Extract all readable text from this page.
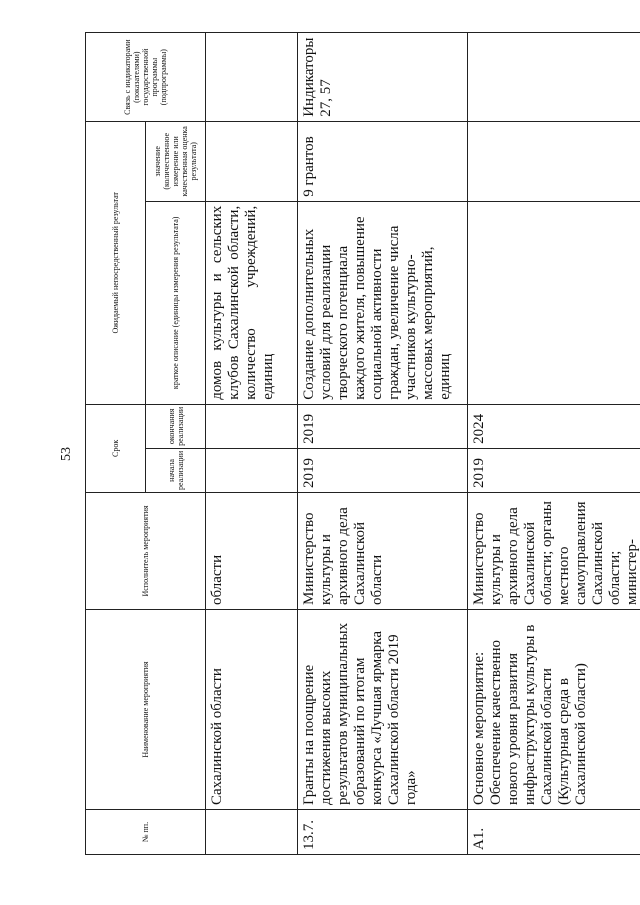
53
№ пп.	Наименование мероприятия	Исполнитель мероприятия	Срок		Ожидаемый непосредственный результат		Связь с индикаторами (показателями) государственной программы (подпрограммы)
			начала реализации	окончания реализации	краткое описание (единицы измерения результата)	значение (количественное измерение или качественная оценка результата)	
	Сахалинской области	области			домов культуры и сельских клубов Сахалинской области, количество учреждений, единиц		
13.7.	Гранты на поощрение достижения высоких результатов муниципальных образований по итогам конкурса «Лучшая ярмарка Сахалинской области 2019 года»	Министерство культуры и архивного дела Сахалинской области	2019	2019	Создание дополнительных условий для реализации творческого потенциала каждого жителя, повышение социальной активности граждан, увеличение числа участников культурно-массовых мероприятий, единиц	9 грантов	Индикаторы 27, 57
А1.	Основное мероприятие: Обеспечение качественно нового уровня развития инфраструктуры культуры в Сахалинской области (Культурная среда в Сахалинской области)	Министерство культуры и архивного дела Сахалинской области; органы местного самоуправления Сахалинской области; министер-	2019	2024			
